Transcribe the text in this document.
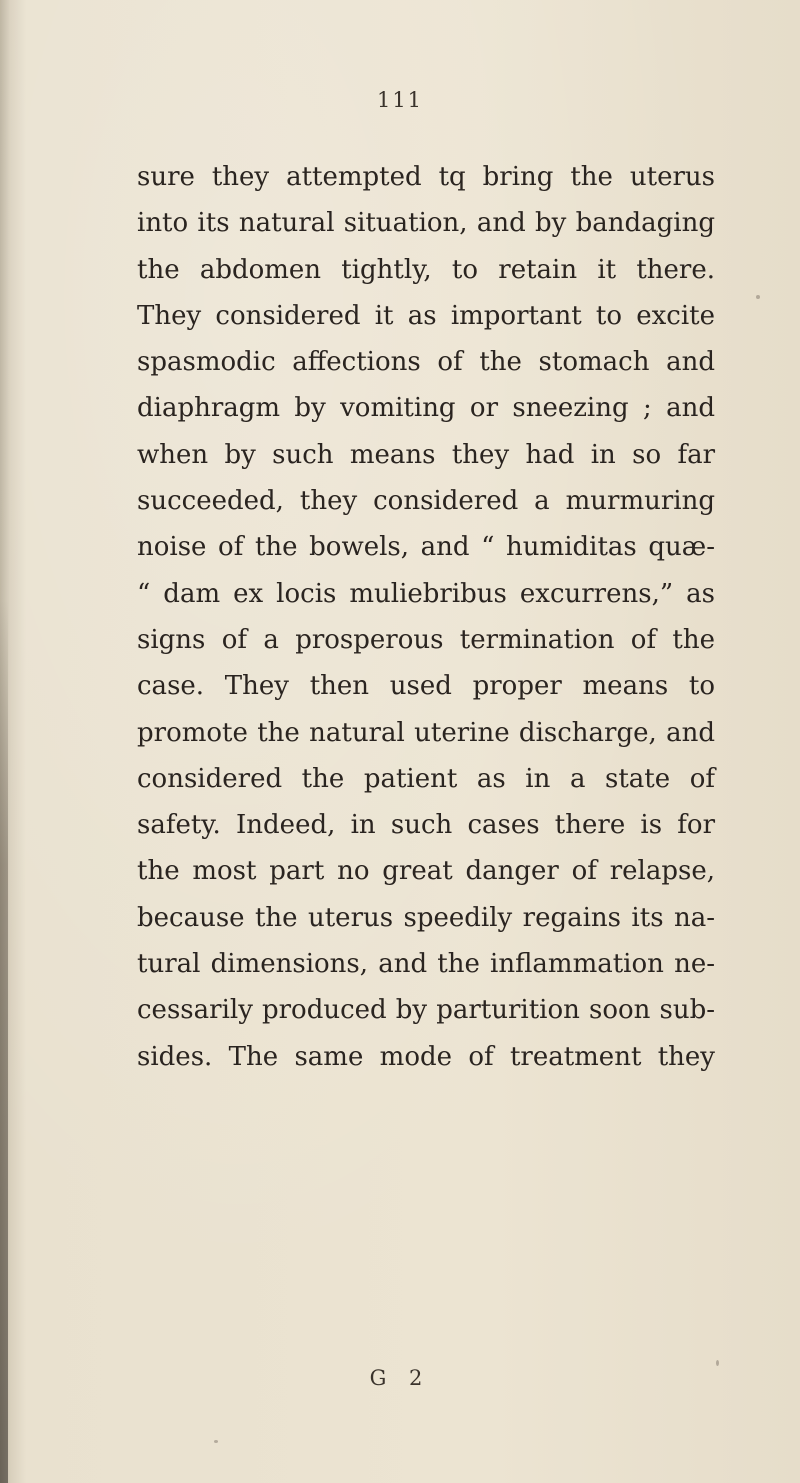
111
sure they attempted tq bring the uterus
into its natural situation, and by bandaging
the abdomen tightly, to retain it there.
They considered it as important to excite
spasmodic affections of the stomach and
diaphragm by vomiting or sneezing ; and
when by such means they had in so far
succeeded, they considered a murmuring
noise of the bowels, and “ humiditas quæ-
“ dam ex locis muliebribus excurrens,” as
signs of a prosperous termination of the
case. They then used proper means to
promote the natural uterine discharge, and
considered the patient as in a state of
safety. Indeed, in such cases there is for
the most part no great danger of relapse,
because the uterus speedily regains its na-
tural dimensions, and the inflammation ne-
cessarily produced by parturition soon sub-
sides. The same mode of treatment they
G 2
